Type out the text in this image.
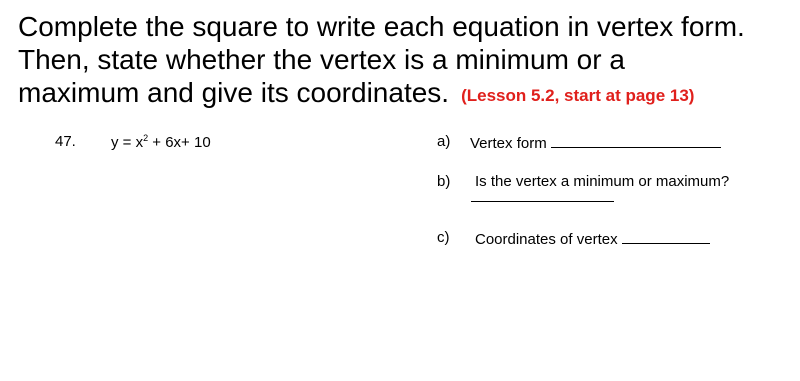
Complete the square to write each equation in vertex form.
Then, state whether the vertex is a minimum or a
maximum and give its coordinates. (Lesson 5.2, start at page 13)
47. $y = x^2 + 6x+ 10$	a) Vertex form
b) Is the vertex a minimum or maximum?
c) Coordinates of vertex
